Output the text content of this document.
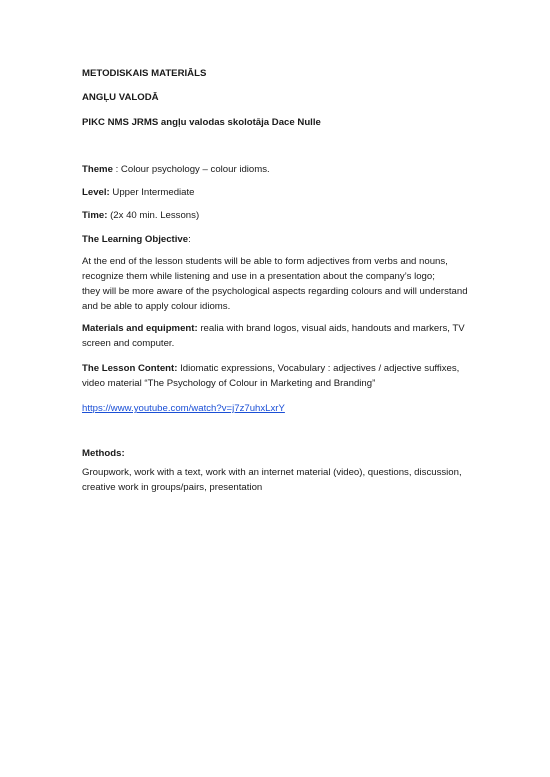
METODISKAIS MATERIĀLS
ANGĻU VALODĀ
PIKC NMS JRMS angļu valodas skolotāja Dace Nulle
Theme : Colour psychology – colour idioms.
Level: Upper Intermediate
Time: (2x 40 min. Lessons)
The Learning Objective:
At the end of the lesson students will be able to form adjectives from verbs and nouns,
recognize them while listening and use in a presentation about the company’s logo;
they will be more aware of the psychological aspects regarding colours and will understand
and be able to apply colour idioms.
Materials and equipment: realia with brand logos, visual aids, handouts and markers, TV
screen and computer.
The Lesson Content: Idiomatic expressions, Vocabulary : adjectives / adjective suffixes,
video material “The Psychology of Colour in Marketing and Branding”
https://www.youtube.com/watch?v=j7z7uhxLxrY
Methods:
Groupwork, work with a text, work with an internet material (video), questions, discussion,
creative work in groups/pairs, presentation
